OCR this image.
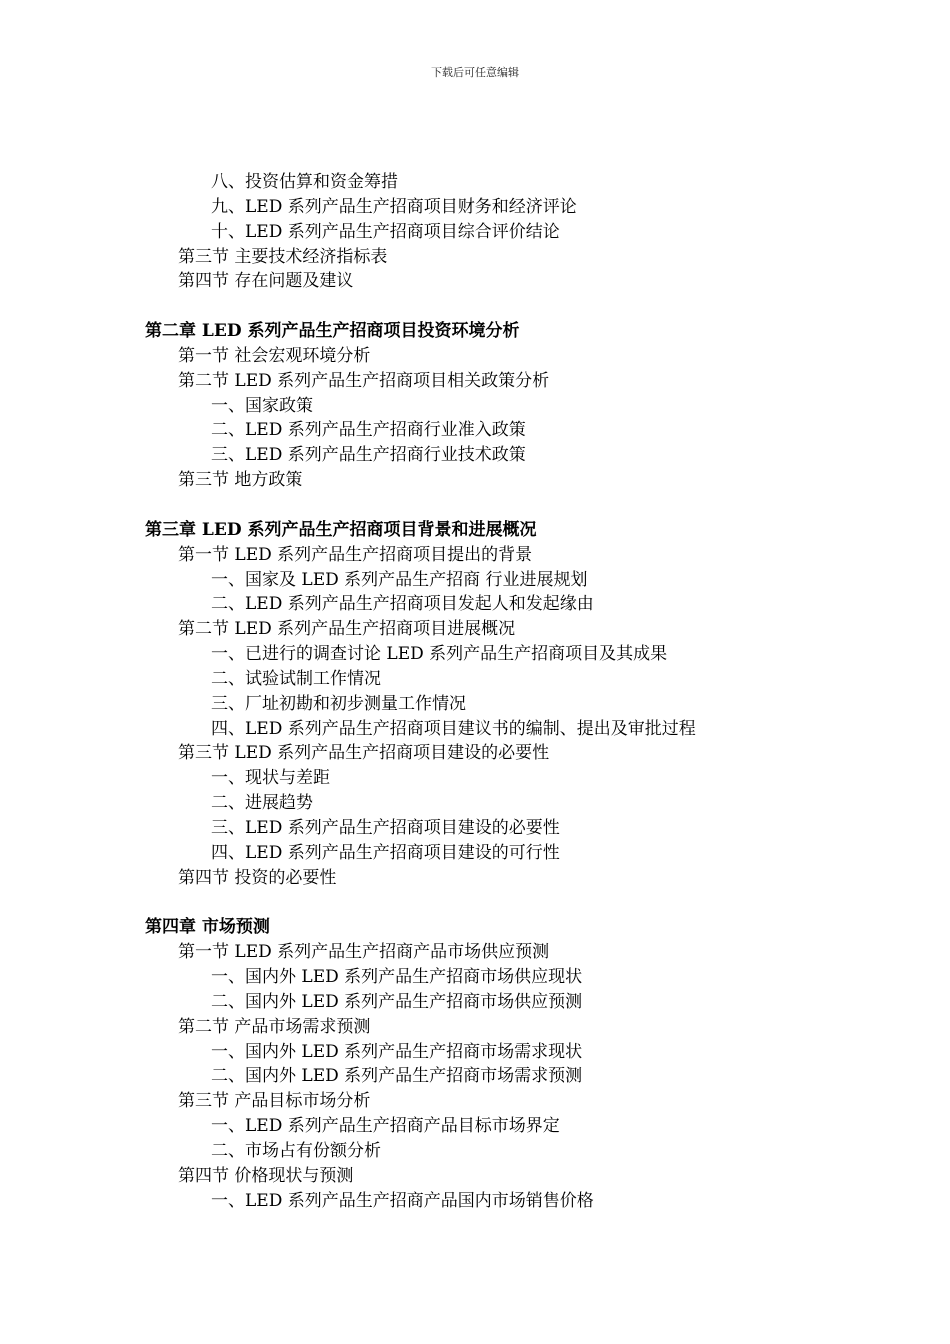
下载后可任意编辑
八、投资估算和资金筹措
九、LED 系列产品生产招商项目财务和经济评论
十、LED 系列产品生产招商项目综合评价结论
第三节 主要技术经济指标表
第四节 存在问题及建议
第二章 LED 系列产品生产招商项目投资环境分析
第一节 社会宏观环境分析
第二节 LED 系列产品生产招商项目相关政策分析
一、国家政策
二、LED 系列产品生产招商行业准入政策
三、LED 系列产品生产招商行业技术政策
第三节 地方政策
第三章 LED 系列产品生产招商项目背景和进展概况
第一节 LED 系列产品生产招商项目提出的背景
一、国家及 LED 系列产品生产招商 行业进展规划
二、LED 系列产品生产招商项目发起人和发起缘由
第二节 LED 系列产品生产招商项目进展概况
一、已进行的调查讨论 LED 系列产品生产招商项目及其成果
二、试验试制工作情况
三、厂址初勘和初步测量工作情况
四、LED 系列产品生产招商项目建议书的编制、提出及审批过程
第三节 LED 系列产品生产招商项目建设的必要性
一、现状与差距
二、进展趋势
三、LED 系列产品生产招商项目建设的必要性
四、LED 系列产品生产招商项目建设的可行性
第四节 投资的必要性
第四章 市场预测
第一节 LED 系列产品生产招商产品市场供应预测
一、国内外 LED 系列产品生产招商市场供应现状
二、国内外 LED 系列产品生产招商市场供应预测
第二节 产品市场需求预测
一、国内外 LED 系列产品生产招商市场需求现状
二、国内外 LED 系列产品生产招商市场需求预测
第三节 产品目标市场分析
一、LED 系列产品生产招商产品目标市场界定
二、市场占有份额分析
第四节 价格现状与预测
一、LED 系列产品生产招商产品国内市场销售价格
